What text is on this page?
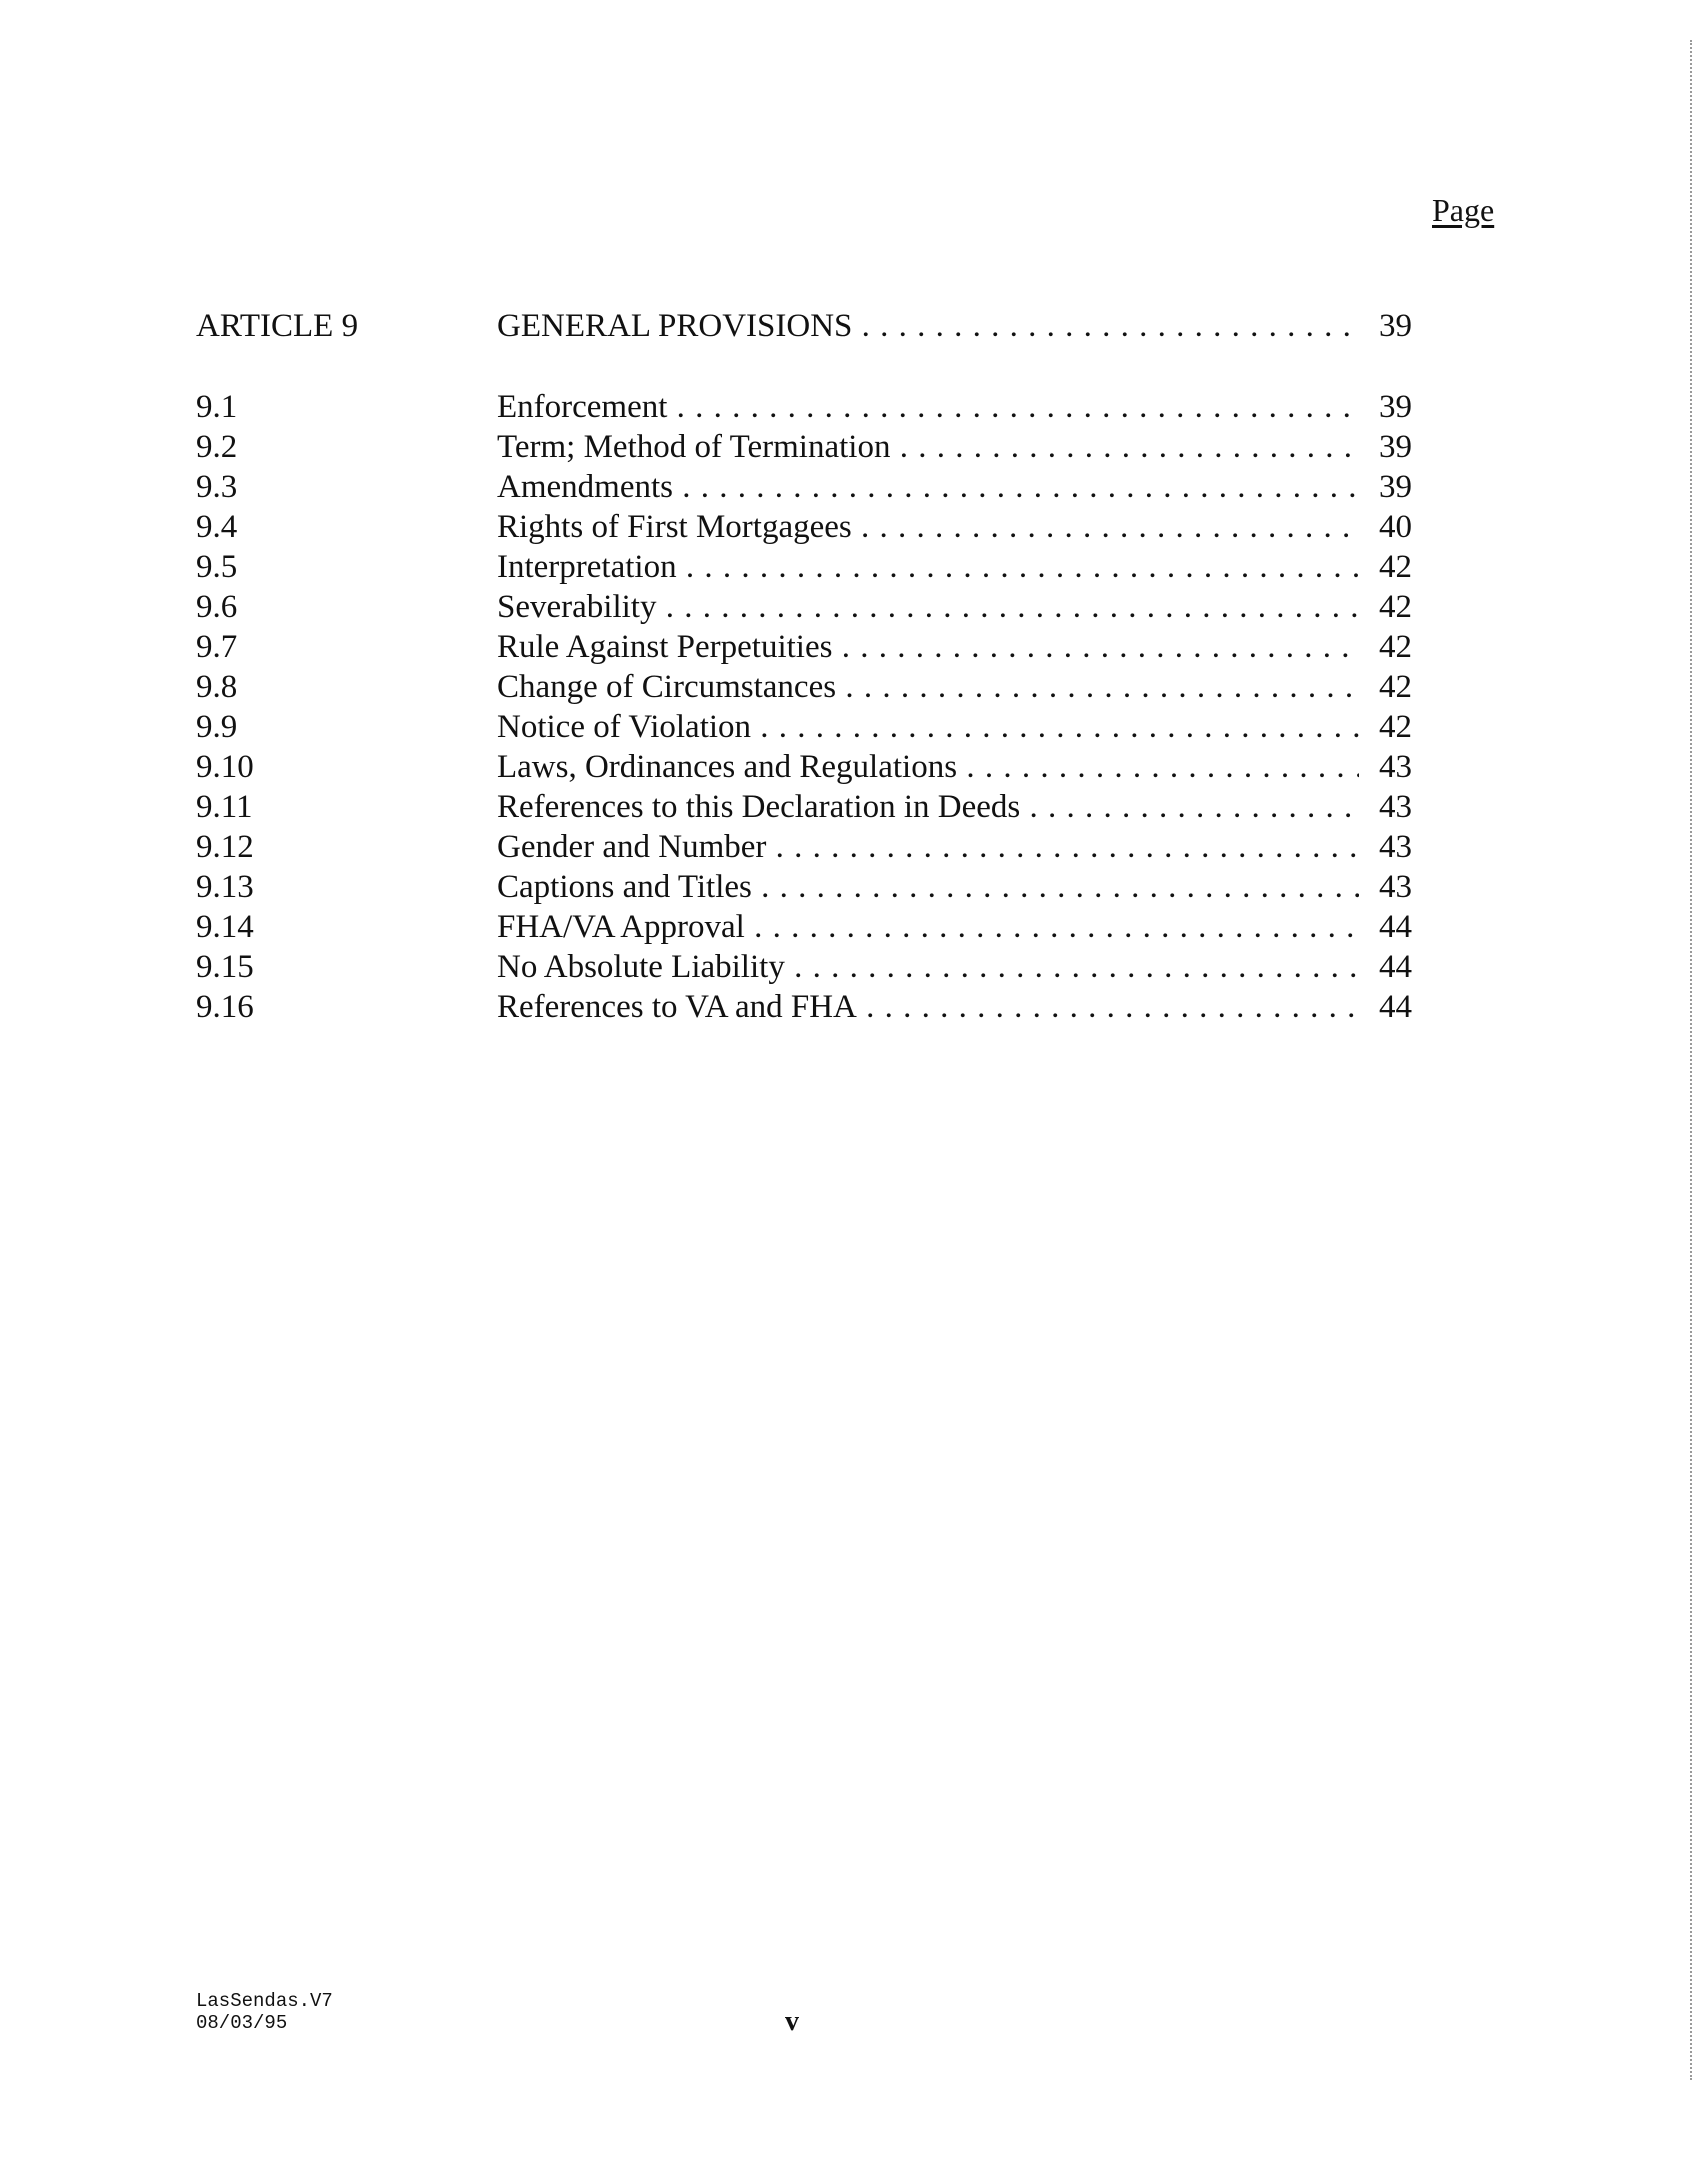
Page
ARTICLE 9	GENERAL PROVISIONS . . .	39
9.1	Enforcement . . .	39
9.2	Term; Method of Termination . . .	39
9.3	Amendments . . .	39
9.4	Rights of First Mortgagees . . .	40
9.5	Interpretation . . .	42
9.6	Severability . . .	42
9.7	Rule Against Perpetuities . . .	42
9.8	Change of Circumstances . . .	42
9.9	Notice of Violation . . .	42
9.10	Laws, Ordinances and Regulations . . .	43
9.11	References to this Declaration in Deeds . . .	43
9.12	Gender and Number . . .	43
9.13	Captions and Titles . . .	43
9.14	FHA/VA Approval . . .	44
9.15	No Absolute Liability . . .	44
9.16	References to VA and FHA . . .	44
LasSendas.V7
08/03/95	v
